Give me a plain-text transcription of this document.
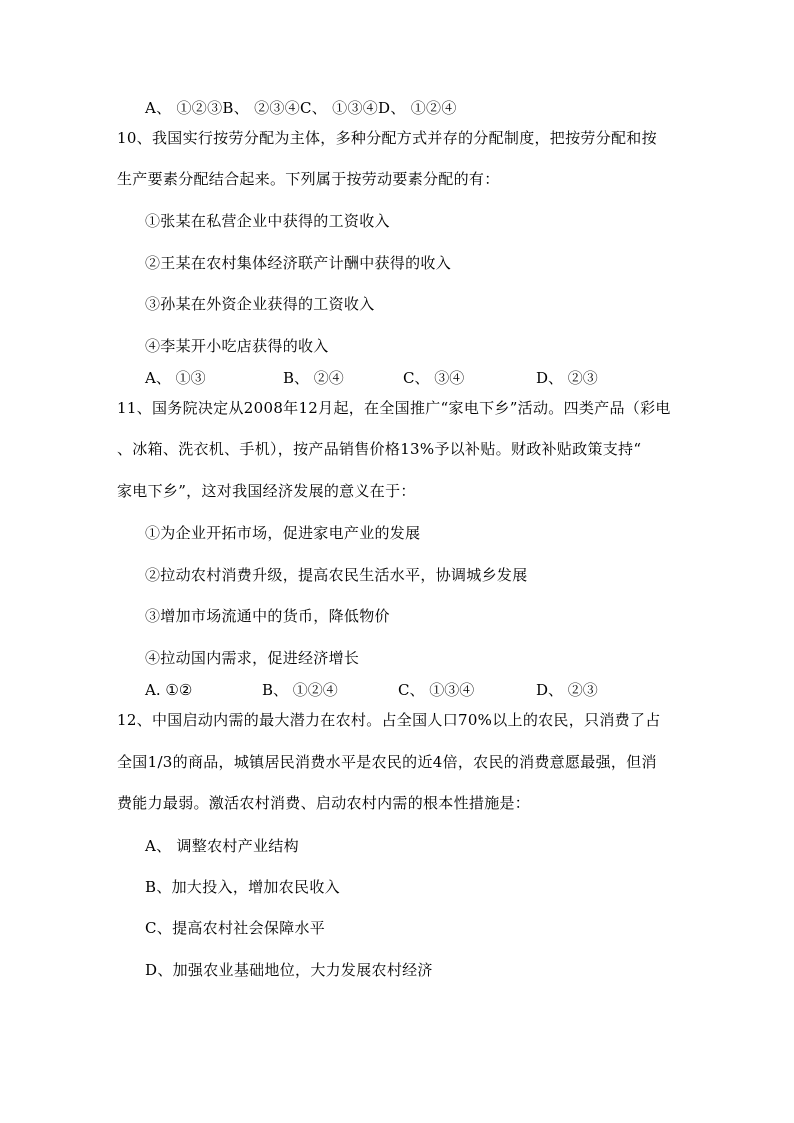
A、 ①②③B、 ②③④C、 ①③④D、 ①②④
10、我国实行按劳分配为主体，多种分配方式并存的分配制度，把按劳分配和按
生产要素分配结合起来。下列属于按劳动要素分配的有：
①张某在私营企业中获得的工资收入
②王某在农村集体经济联产计酬中获得的收入
③孙某在外资企业获得的工资收入
④李某开小吃店获得的收入
A、 ①③	B、 ②④	C、 ③④	D、 ②③
11、国务院决定从2008年12月起，在全国推广“家电下乡”活动。四类产品（彩电
、冰箱、洗衣机、手机），按产品销售价格13%予以补贴。财政补贴政策支持“
家电下乡”，这对我国经济发展的意义在于：
①为企业开拓市场，促进家电产业的发展
②拉动农村消费升级，提高农民生活水平，协调城乡发展
③增加市场流通中的货币，降低物价
④拉动国内需求，促进经济增长
A. ①②	B、 ①②④	C、 ①③④	D、 ②③
12、中国启动内需的最大潜力在农村。占全国人口70%以上的农民，只消费了占
全国1/3的商品，城镇居民消费水平是农民的近4倍，农民的消费意愿最强，但消
费能力最弱。激活农村消费、启动农村内需的根本性措施是：
A、 调整农村产业结构
B、加大投入，增加农民收入
C、提高农村社会保障水平
D、加强农业基础地位，大力发展农村经济
